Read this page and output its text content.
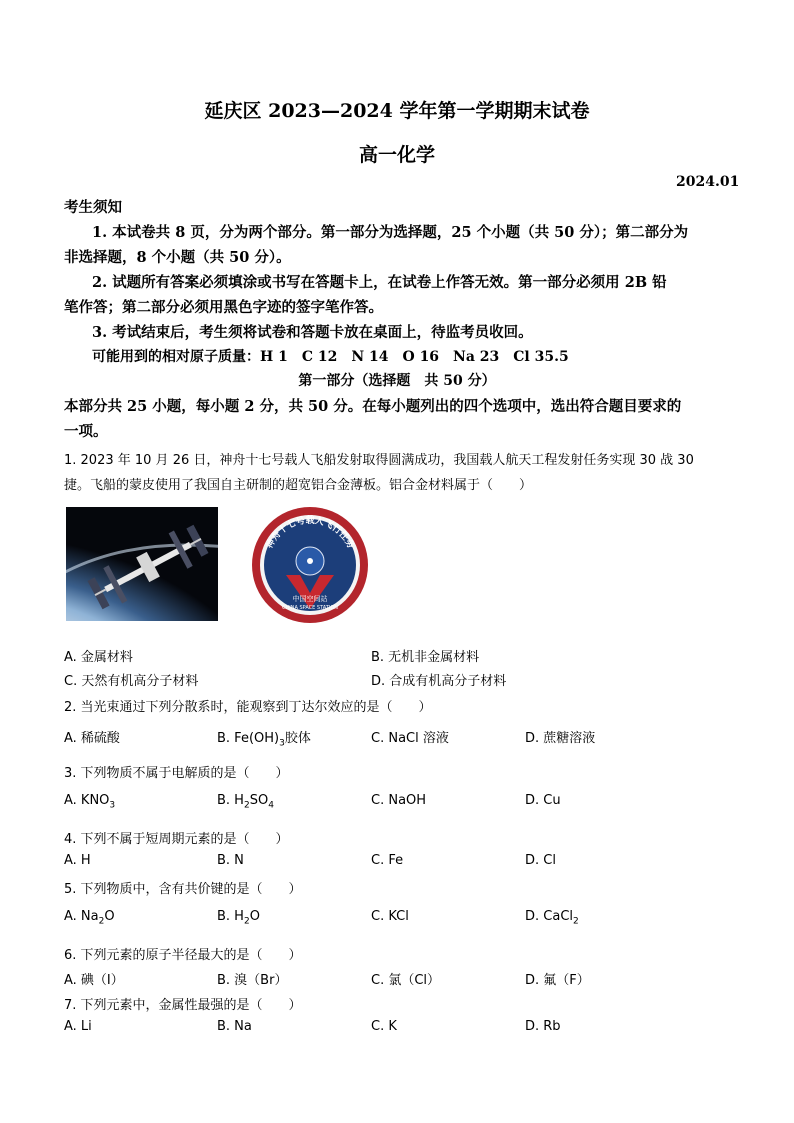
延庆区 2023—2024 学年第一学期期末试卷
高一化学
2024.01
考生须知
1. 本试卷共 8 页，分为两个部分。第一部分为选择题，25 个小题（共 50 分）；第二部分为
非选择题，8 个小题（共 50 分）。
2. 试题所有答案必须填涂或书写在答题卡上，在试卷上作答无效。第一部分必须用 2B 铅
笔作答；第二部分必须用黑色字迹的签字笔作答。
3. 考试结束后，考生须将试卷和答题卡放在桌面上，待监考员收回。
可能用到的相对原子质量：H 1　C 12　N 14　O 16　Na 23　Cl 35.5
第一部分（选择题　共 50 分）
本部分共 25 小题，每小题 2 分，共 50 分。在每小题列出的四个选项中，选出符合题目要求的
一项。
1. 2023 年 10 月 26 日，神舟十七号载人飞船发射取得圆满成功，我国载人航天工程发射任务实现 30 战 30
捷。飞船的蒙皮使用了我国自主研制的超宽铝合金薄板。铝合金材料属于（　　）
神舟十七号载人飞行任务
中国空间站
CHINA SPACE STATION
A. 金属材料	B. 无机非金属材料
C. 天然有机高分子材料	D. 合成有机高分子材料
2. 当光束通过下列分散系时，能观察到丁达尔效应的是（　　）
A. 稀硫酸	B. $Fe(OH)_3$胶体	C. NaCl 溶液	D. 蔗糖溶液
3. 下列物质不属于电解质的是（　　）
A. $KNO_3$	B. $H_2SO_4$	C. NaOH	D. Cu
4. 下列不属于短周期元素的是（　　）
A. H	B. N	C. Fe	D. Cl
5. 下列物质中，含有共价键的是（　　）
A. $Na_2O$	B. $H_2O$	C. KCl	D. CaCl$_2$
6. 下列元素的原子半径最大的是（　　）
A. 碘（I）	B. 溴（Br）	C. 氯（Cl）	D. 氟（F）
7. 下列元素中，金属性最强的是（　　）
A. Li	B. Na	C. K	D. Rb
